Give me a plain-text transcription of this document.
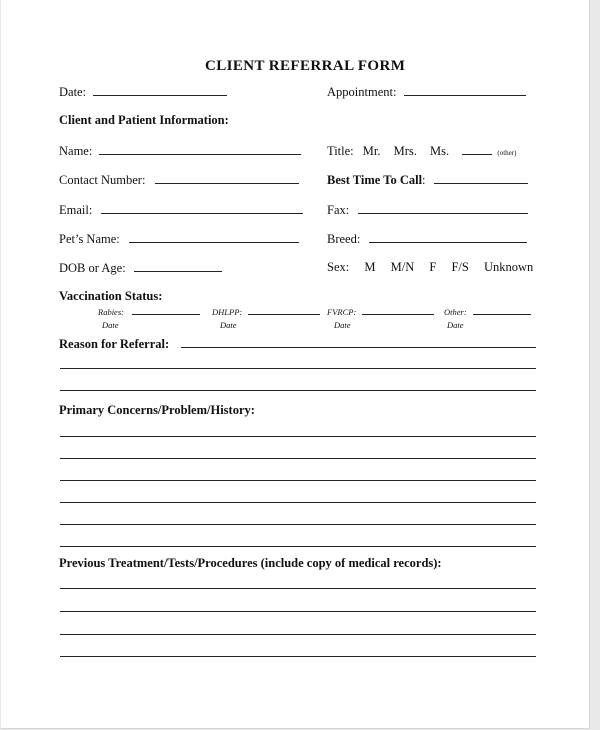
CLIENT REFERRAL FORM
Date:	Appointment:
Client and Patient Information:
Name:	Title: Mr. Mrs. Ms.	(other)
Contact Number:	Best Time To Call:
Email:	Fax:
Pet’s Name:	Breed:
DOB or Age:	Sex: M M/N F F/S Unknown
Vaccination Status:
Rabies:
Date
DHLPP:
Date
FVRCP:
Date
Other:
Date
Reason for Referral:
Primary Concerns/Problem/History:
Previous Treatment/Tests/Procedures (include copy of medical records):
